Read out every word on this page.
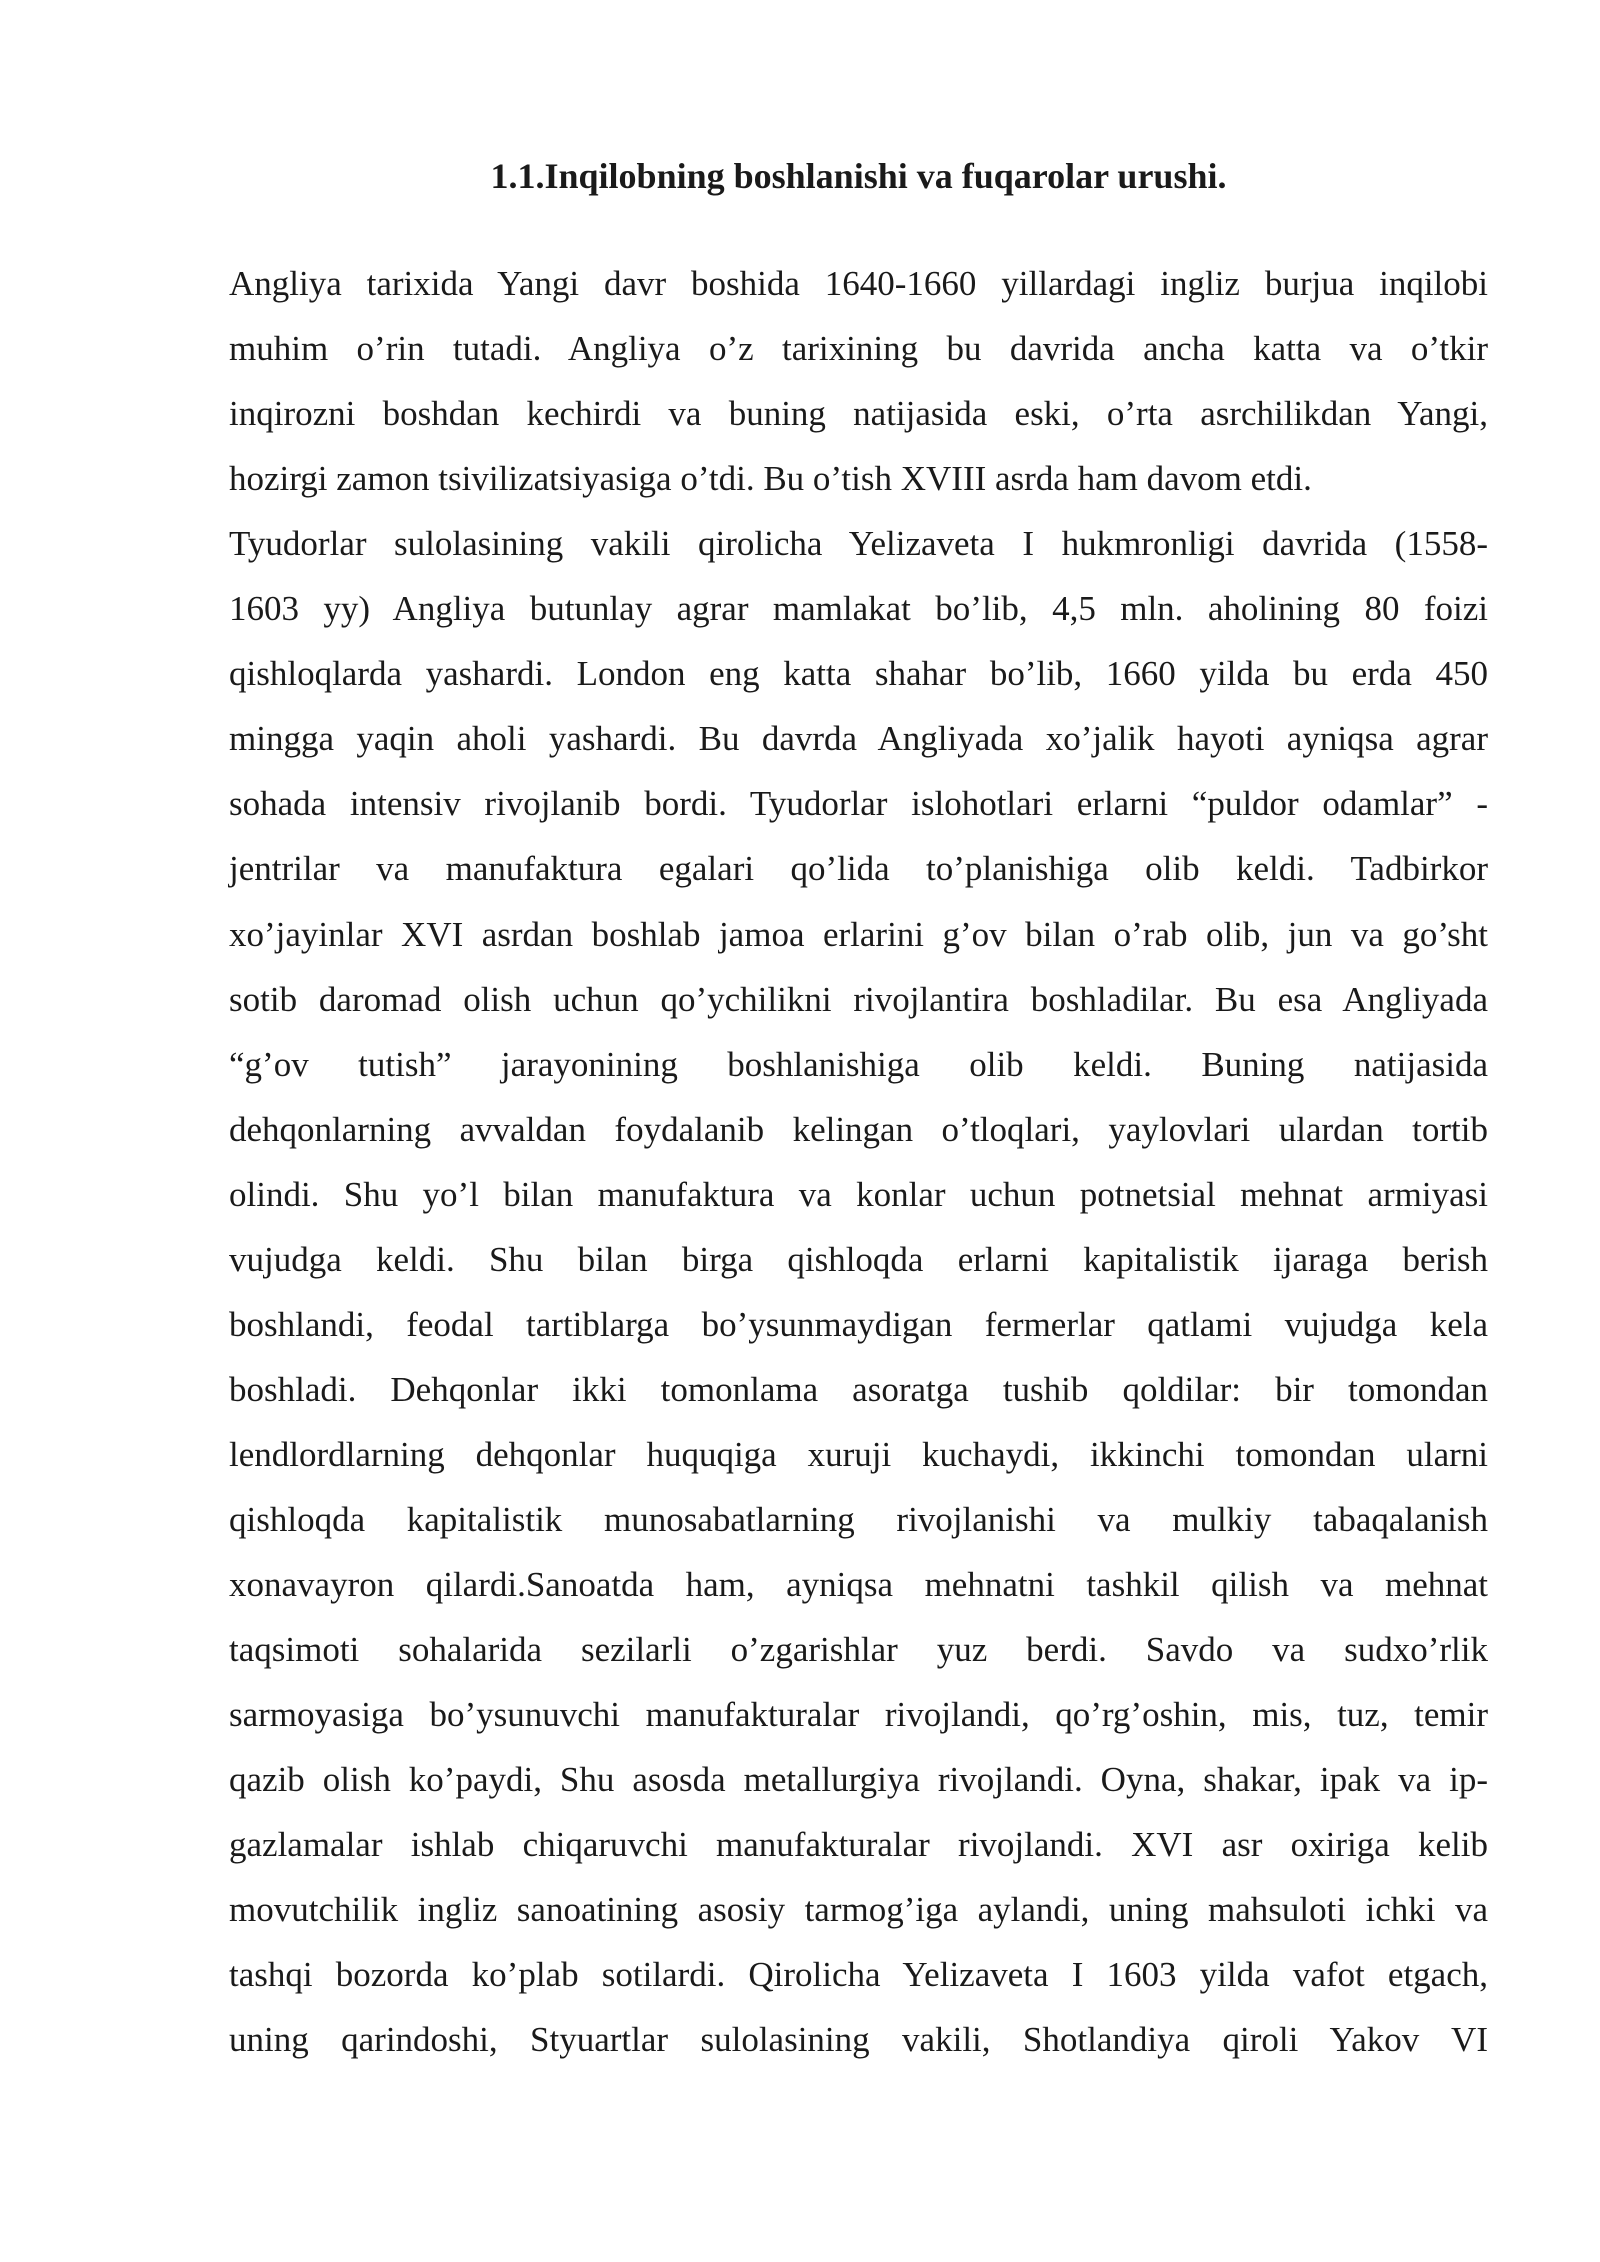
1.1.Inqilobning boshlanishi va fuqarolar urushi.
Angliya tarixida Yangi davr boshida 1640-1660 yillardagi ingliz burjua inqilobi
muhim o’rin tutadi. Angliya o’z tarixining bu davrida ancha katta va o’tkir
inqirozni boshdan kechirdi va buning natijasida eski, o’rta asrchilikdan Yangi,
hozirgi zamon tsivilizatsiyasiga o’tdi. Bu o’tish XVIII asrda ham davom etdi.
Tyudorlar sulolasining vakili qirolicha Yelizaveta I hukmronligi davrida (1558-
1603 yy) Angliya butunlay agrar mamlakat bo’lib, 4,5 mln. aholining 80 foizi
qishloqlarda yashardi. London eng katta shahar bo’lib, 1660 yilda bu erda 450
mingga yaqin aholi yashardi. Bu davrda Angliyada xo’jalik hayoti ayniqsa agrar
sohada intensiv rivojlanib bordi. Tyudorlar islohotlari erlarni “puldor odamlar” -
jentrilar va manufaktura egalari qo’lida to’planishiga olib keldi. Tadbirkor
xo’jayinlar XVI asrdan boshlab jamoa erlarini g’ov bilan o’rab olib, jun va go’sht
sotib daromad olish uchun qo’ychilikni rivojlantira boshladilar. Bu esa Angliyada
“g’ov tutish” jarayonining boshlanishiga olib keldi. Buning natijasida
dehqonlarning avvaldan foydalanib kelingan o’tloqlari, yaylovlari ulardan tortib
olindi. Shu yo’l bilan manufaktura va konlar uchun potnetsial mehnat armiyasi
vujudga keldi. Shu bilan birga qishloqda erlarni kapitalistik ijaraga berish
boshlandi, feodal tartiblarga bo’ysunmaydigan fermerlar qatlami vujudga kela
boshladi. Dehqonlar ikki tomonlama asoratga tushib qoldilar: bir tomondan
lendlordlarning dehqonlar huquqiga xuruji kuchaydi, ikkinchi tomondan ularni
qishloqda kapitalistik munosabatlarning rivojlanishi va mulkiy tabaqalanish
xonavayron qilardi.Sanoatda ham, ayniqsa mehnatni tashkil qilish va mehnat
taqsimoti sohalarida sezilarli o’zgarishlar yuz berdi. Savdo va sudxo’rlik
sarmoyasiga bo’ysunuvchi manufakturalar rivojlandi, qo’rg’oshin, mis, tuz, temir
qazib olish ko’paydi, Shu asosda metallurgiya rivojlandi. Oyna, shakar, ipak va ip-
gazlamalar ishlab chiqaruvchi manufakturalar rivojlandi. XVI asr oxiriga kelib
movutchilik ingliz sanoatining asosiy tarmog’iga aylandi, uning mahsuloti ichki va
tashqi bozorda ko’plab sotilardi. Qirolicha Yelizaveta I 1603 yilda vafot etgach,
uning qarindoshi, Styuartlar sulolasining vakili, Shotlandiya qiroli Yakov VI
